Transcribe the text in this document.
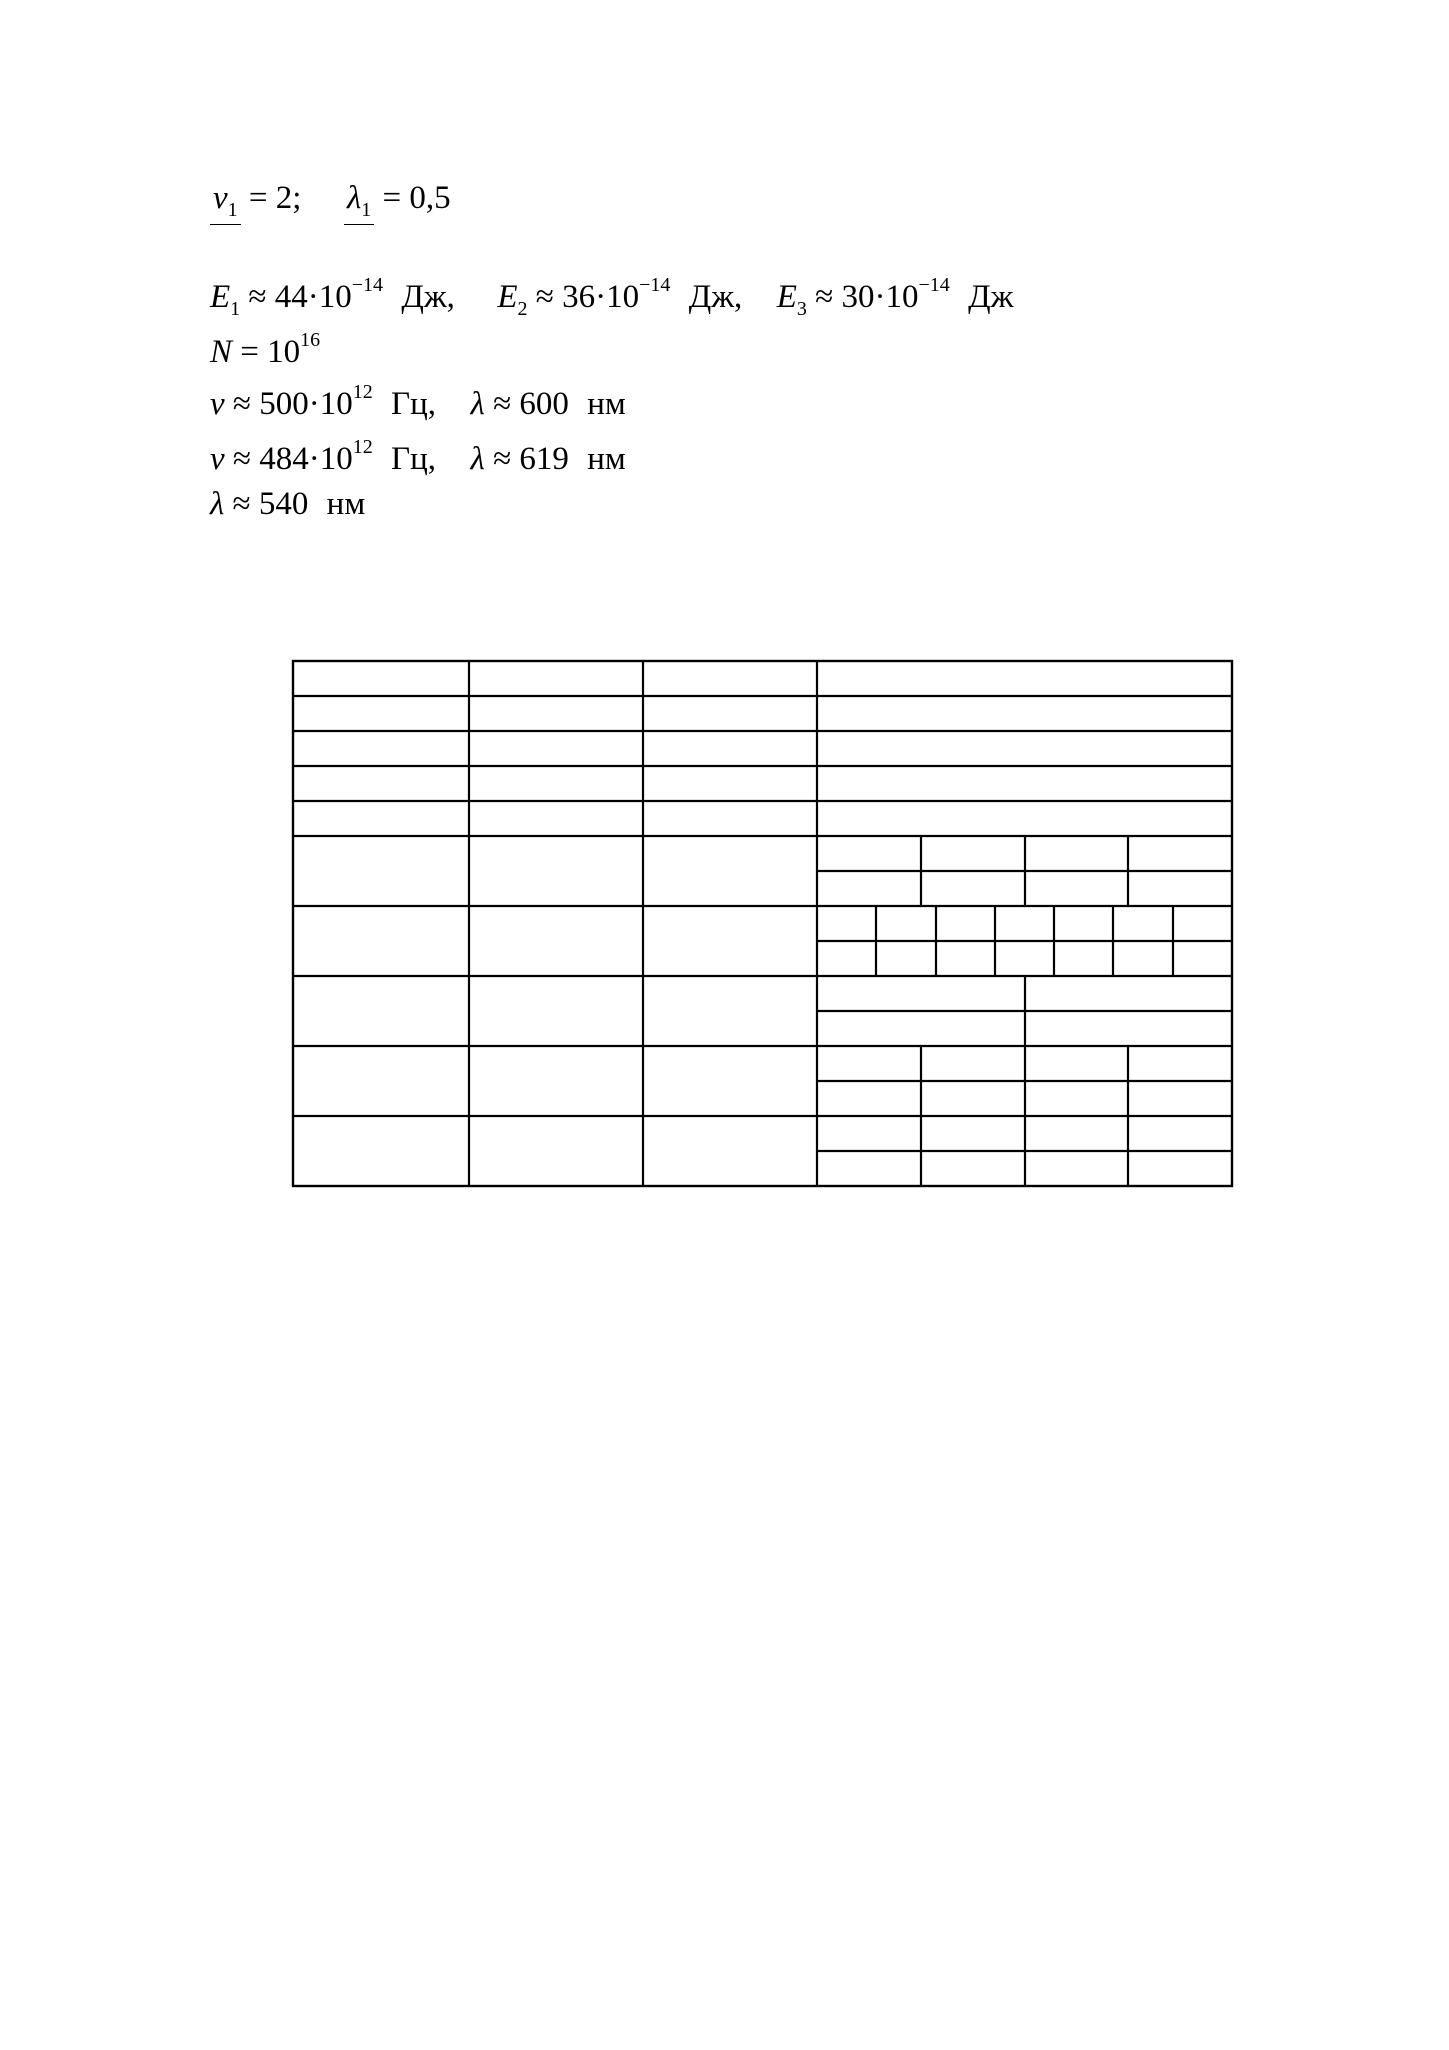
$\nu_1 = 2$; $\lambda_1 = 0,5$
$E_1 \approx 44\cdot 10^{-14}$ Дж, $E_2 \approx 36\cdot 10^{-14}$ Дж, $E_3 \approx 30\cdot 10^{-14}$ Дж
$N = 10^{16}$
$\nu \approx 500\cdot 10^{12}$ Гц, λ ≈ 600 нм
$\nu \approx 484\cdot 10^{12}$ Гц, λ ≈ 619 нм
λ ≈ 540 нм
